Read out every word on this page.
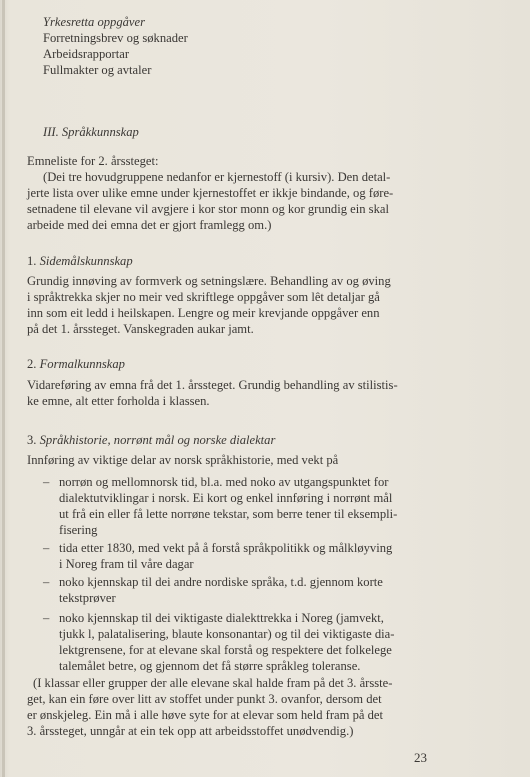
Yrkesretta oppgåver
Forretningsbrev og søknader
Arbeidsrapportar
Fullmakter og avtaler
III. Språkkunnskap
Emneliste for 2. årssteget:
(Dei tre hovudgruppene nedanfor er kjernestoff (i kursiv). Den detal-
jerte lista over ulike emne under kjernestoffet er ikkje bindande, og føre-
setnadene til elevane vil avgjere i kor stor monn og kor grundig ein skal
arbeide med dei emna det er gjort framlegg om.)
1. Sidemålskunnskap
Grundig innøving av formverk og setningslære. Behandling av og øving
i språktrekka skjer no meir ved skriftlege oppgåver som lêt detaljar gå
inn som eit ledd i heilskapen. Lengre og meir krevjande oppgåver enn
på det 1. årssteget. Vanskegraden aukar jamt.
2. Formalkunnskap
Vidareføring av emna frå det 1. årssteget. Grundig behandling av stilistis-
ke emne, alt etter forholda i klassen.
3. Språkhistorie, norrønt mål og norske dialektar
Innføring av viktige delar av norsk språkhistorie, med vekt på
– norrøn og mellomnorsk tid, bl.a. med noko av utgangspunktet for
dialektutviklingar i norsk. Ei kort og enkel innføring i norrønt mål
ut frå ein eller få lette norrøne tekstar, som berre tener til eksempli-
fisering
– tida etter 1830, med vekt på å forstå språkpolitikk og målkløyving
i Noreg fram til våre dagar
– noko kjennskap til dei andre nordiske språka, t.d. gjennom korte
tekstprøver
– noko kjennskap til dei viktigaste dialekttrekka i Noreg (jamvekt,
tjukk l, palatalisering, blaute konsonantar) og til dei viktigaste dia-
lektgrensene, for at elevane skal forstå og respektere det folkelege
talemålet betre, og gjennom det få større språkleg toleranse.
(I klassar eller grupper der alle elevane skal halde fram på det 3. årsste-
get, kan ein føre over litt av stoffet under punkt 3. ovanfor, dersom det
er ønskjeleg. Ein må i alle høve syte for at elevar som held fram på det
3. årssteget, unngår at ein tek opp att arbeidsstoffet unødvendig.)
23
